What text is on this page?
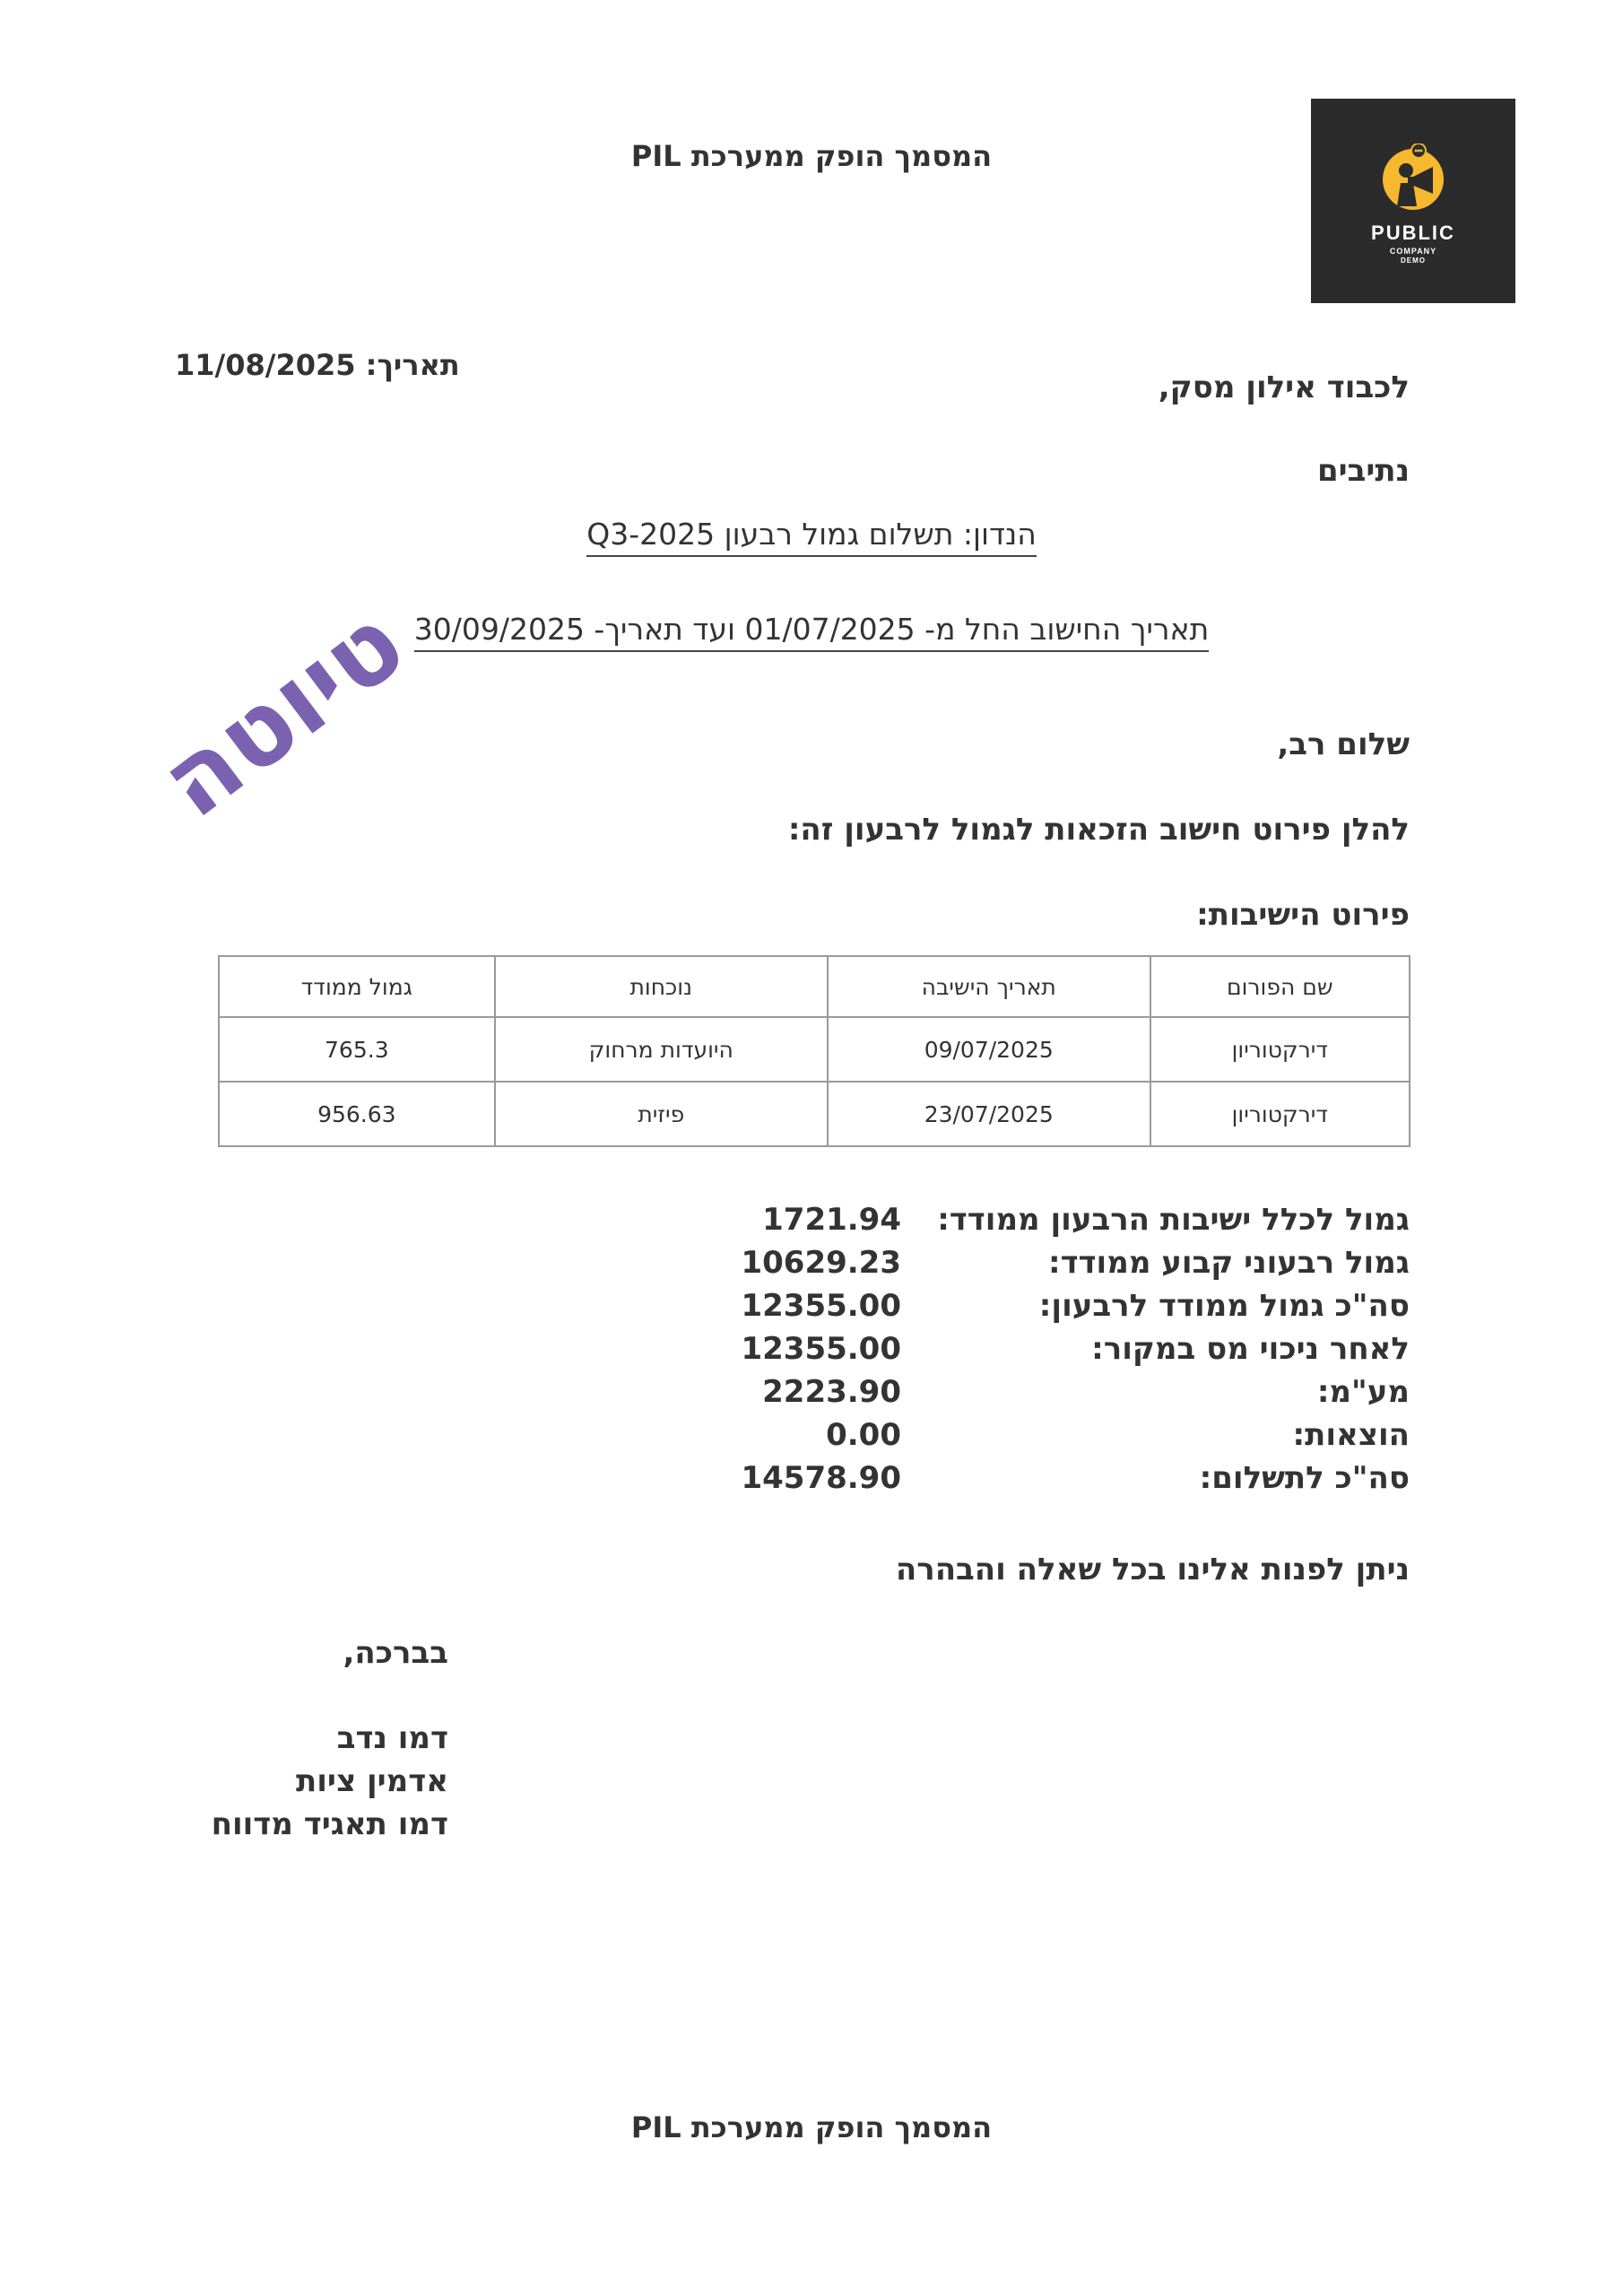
המסמך הופק ממערכת PIL
PUBLIC
COMPANY
DEMO
תאריך: 11/08/2025
לכבוד אילון מסק,
נתיבים
הנדון: תשלום גמול רבעון Q3-2025
תאריך החישוב החל מ- 01/07/2025 ועד תאריך- 30/09/2025
טיוטה	שלום רב,
להלן פירוט חישוב הזכאות לגמול לרבעון זה:
פירוט הישיבות:
שם הפורום	תאריך הישיבה	נוכחות	גמול ממודד
דירקטוריון	09/07/2025	היועדות מרחוק	765.3
דירקטוריון	23/07/2025	פיזית	956.63
גמול לכלל ישיבות הרבעון ממודד:
1721.94
גמול רבעוני קבוע ממודד:
10629.23
סה"כ גמול ממודד לרבעון:
12355.00
לאחר ניכוי מס במקור:
12355.00
מע"מ:
2223.90
הוצאות:
0.00
סה"כ לתשלום:
14578.90
ניתן לפנות אלינו בכל שאלה והבהרה
בברכה,
דמו נדב
אדמין ציות
דמו תאגיד מדווח
המסמך הופק ממערכת PIL
